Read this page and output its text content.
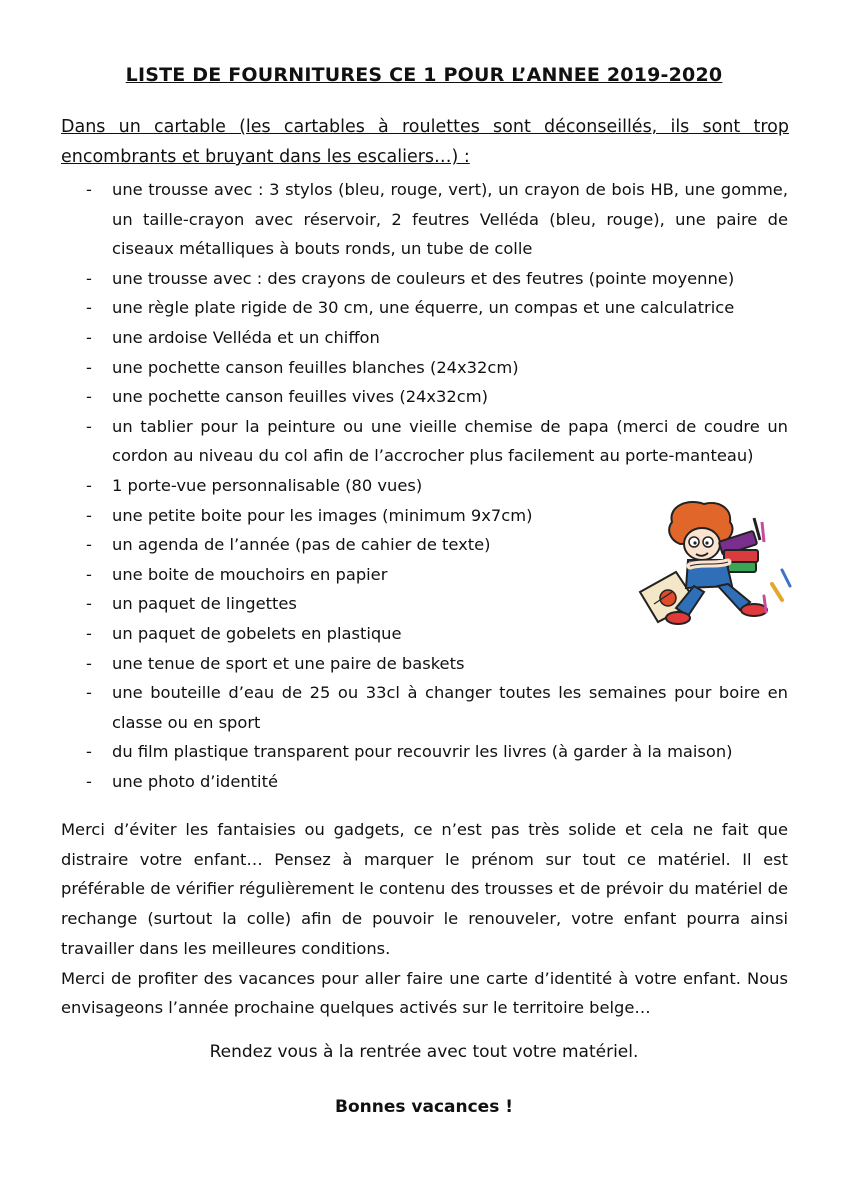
LISTE DE FOURNITURES CE 1 POUR L’ANNEE 2019-2020
Dans un cartable (les cartables à roulettes sont déconseillés, ils sont trop encombrants et bruyant dans les escaliers…) :
- une trousse avec : 3 stylos (bleu, rouge, vert), un crayon de bois HB, une gomme, un taille-crayon avec réservoir, 2 feutres Velléda (bleu, rouge), une paire de ciseaux métalliques à bouts ronds, un tube de colle
- une trousse avec : des crayons de couleurs et des feutres (pointe moyenne)
- une règle plate rigide de 30 cm, une équerre, un compas et une calculatrice
- une ardoise Velléda et un chiffon
- une pochette canson feuilles blanches (24x32cm)
- une pochette canson feuilles vives (24x32cm)
- un tablier pour la peinture ou une vieille chemise de papa (merci de coudre un cordon au niveau du col afin de l’accrocher plus facilement au porte-manteau)
- 1 porte-vue personnalisable (80 vues)
- une petite boite pour les images (minimum 9x7cm)
- un agenda de l’année (pas de cahier de texte)
- une boite de mouchoirs en papier
- un paquet de lingettes
- un paquet de gobelets en plastique
- une tenue de sport et une paire de baskets
- une bouteille d’eau de 25 ou 33cl à changer toutes les semaines pour boire en classe ou en sport
- du film plastique transparent pour recouvrir les livres (à garder à la maison)
- une photo d’identité

Merci d’éviter les fantaisies ou gadgets, ce n’est pas très solide et cela ne fait que distraire votre enfant… Pensez à marquer le prénom sur tout ce matériel. Il est préférable de vérifier régulièrement le contenu des trousses et de prévoir du matériel de rechange (surtout la colle) afin de pouvoir le renouveler, votre enfant pourra ainsi travailler dans les meilleures conditions.

Merci de profiter des vacances pour aller faire une carte d’identité à votre enfant. Nous envisageons l’année prochaine quelques activés sur le territoire belge…

Rendez vous à la rentrée avec tout votre matériel.
Bonnes vacances !
